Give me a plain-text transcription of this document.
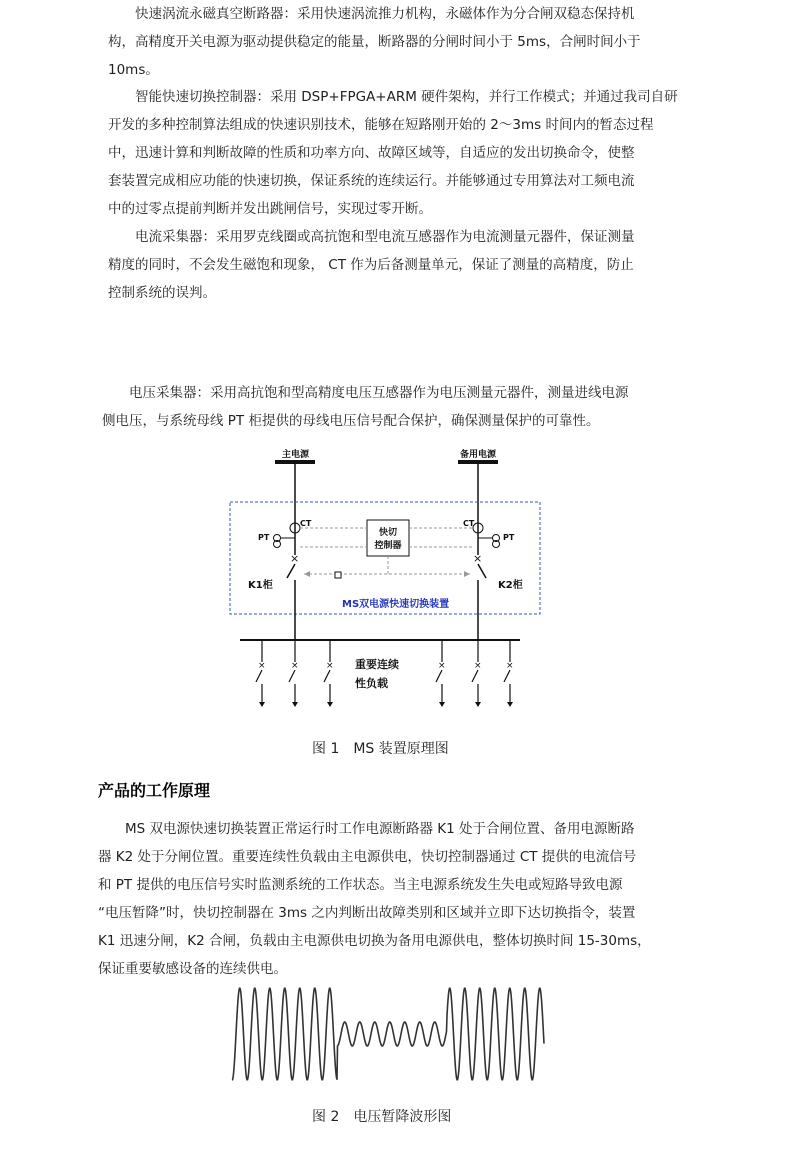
快速涡流永磁真空断路器：采用快速涡流推力机构，永磁体作为分合闸双稳态保持机
构，高精度开关电源为驱动提供稳定的能量，断路器的分闸时间小于 5ms，合闸时间小于
10ms。

智能快速切换控制器：采用 DSP+FPGA+ARM 硬件架构，并行工作模式；并通过我司自研
开发的多种控制算法组成的快速识别技术，能够在短路刚开始的 2～3ms 时间内的暂态过程
中，迅速计算和判断故障的性质和功率方向、故障区域等，自适应的发出切换命令，使整
套装置完成相应功能的快速切换，保证系统的连续运行。并能够通过专用算法对工频电流
中的过零点提前判断并发出跳闸信号，实现过零开断。

电流采集器：采用罗克线圈或高抗饱和型电流互感器作为电流测量元器件，保证测量
精度的同时，不会发生磁饱和现象， CT 作为后备测量单元，保证了测量的高精度，防止
控制系统的误判。

电压采集器：采用高抗饱和型高精度电压互感器作为电压测量元器件，测量进线电源
侧电压，与系统母线 PT 柜提供的母线电压信号配合保护，确保测量保护的可靠性。

主电源	备用电源
PT
CT
×
K1柜
PT
CT
×
K2柜
快切
控制器
MS双电源快速切换装置
×	×	×	×	×	×
重要连续
性负载

图 1　MS 装置原理图

产品的工作原理

MS 双电源快速切换装置正常运行时工作电源断路器 K1 处于合闸位置、备用电源断路
器 K2 处于分闸位置。重要连续性负载由主电源供电，快切控制器通过 CT 提供的电流信号
和 PT 提供的电压信号实时监测系统的工作状态。当主电源系统发生失电或短路导致电源
“电压暂降”时，快切控制器在 3ms 之内判断出故障类别和区域并立即下达切换指令，装置
K1 迅速分闸，K2 合闸，负载由主电源供电切换为备用电源供电，整体切换时间 15-30ms，
保证重要敏感设备的连续供电。

图 2　电压暂降波形图
